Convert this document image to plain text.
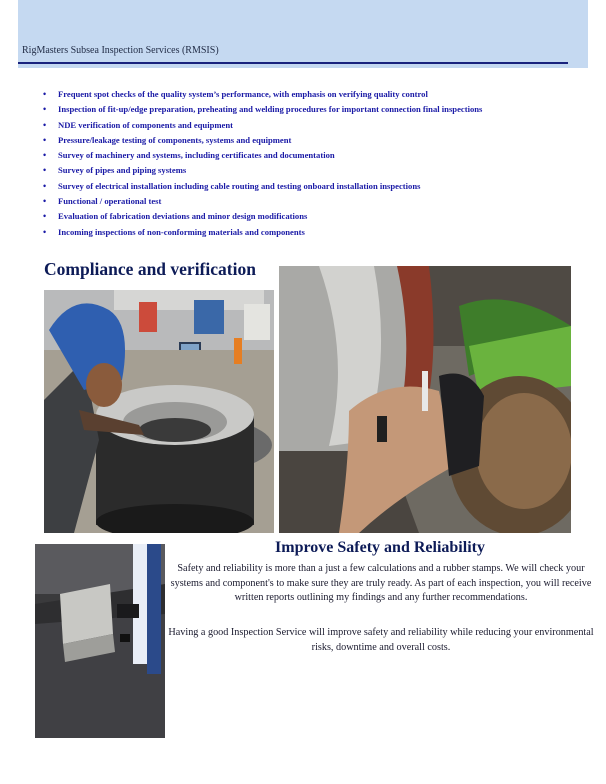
RigMasters Subsea Inspection Services (RMSIS)
• Frequent spot checks of the quality system’s performance, with emphasis on verifying quality control
• Inspection of fit-up/edge preparation, preheating and welding procedures for important connection final inspections
• NDE verification of components and equipment
• Pressure/leakage testing of components, systems and equipment
• Survey of machinery and systems, including certificates and documentation
• Survey of pipes and piping systems
• Survey of electrical installation including cable routing and testing onboard installation inspections
• Functional / operational test
• Evaluation of fabrication deviations and minor design modifications
• Incoming inspections of non-conforming materials and components
Compliance and verification
Improve Safety and Reliability

Safety and reliability is more than a just a few calculations and a rubber stamps. We will check your systems and component's to make sure they are truly ready. As part of each inspection, you will receive written reports outlining my findings and any further recommendations.

Having a good Inspection Service will improve safety and reliability while reducing your environmental risks, downtime and overall costs.
